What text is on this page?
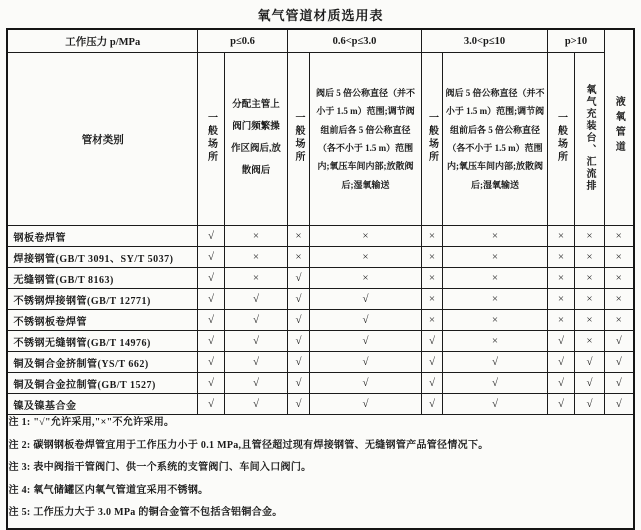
氧气管道材质选用表
工作压力 p/MPa	p≤0.6		0.6<p≤3.0		3.0<p≤10		p>10		液氧管道
管材类别	一般场所	分配主管上阀门频繁操作区阀后,放散阀后	一般场所	阀后 5 倍公称直径（并不小于 1.5 m）范围;调节阀组前后各 5 倍公称直径（各不小于 1.5 m）范围内;氧压车间内部;放散阀后;湿氧输送	一般场所	阀后 5 倍公称直径（并不小于 1.5 m）范围;调节阀组前后各 5 倍公称直径（各不小于 1.5 m）范围内;氧压车间内部;放散阀后;湿氧输送	一般场所	氧气充装台、汇流排	
钢板卷焊管	√	×	×	×	×	×	×	×	×
焊接钢管(GB/T 3091、SY/T 5037)	√	×	×	×	×	×	×	×	×
无缝钢管(GB/T 8163)	√	×	√	×	×	×	×	×	×
不锈钢焊接钢管(GB/T 12771)	√	√	√	√	×	×	×	×	×
不锈钢板卷焊管	√	√	√	√	×	×	×	×	×
不锈钢无缝钢管(GB/T 14976)	√	√	√	√	√	×	√	×	√
铜及铜合金挤制管(YS/T 662)	√	√	√	√	√	√	√	√	√
铜及铜合金拉制管(GB/T 1527)	√	√	√	√	√	√	√	√	√
镍及镍基合金	√	√	√	√	√	√	√	√	√

注 1: "√"允许采用,"×"不允许采用。
注 2: 碳钢钢板卷焊管宜用于工作压力小于 0.1 MPa,且管径超过现有焊接钢管、无缝钢管产品管径情况下。
注 3: 表中阀指干管阀门、供一个系统的支管阀门、车间入口阀门。
注 4: 氧气储罐区内氧气管道宜采用不锈钢。
注 5: 工作压力大于 3.0 MPa 的铜合金管不包括含铝铜合金。									
